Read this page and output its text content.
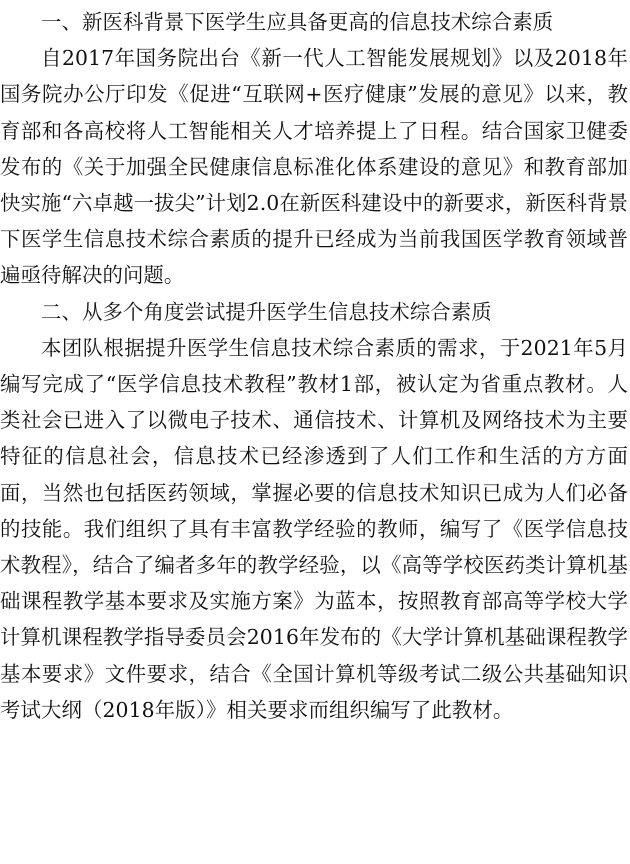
一、新医科背景下医学生应具备更高的信息技术综合素质

自2017年国务院出台《新一代人工智能发展规划》以及2018年国务院办公厅印发《促进“互联网+医疗健康”发展的意见》以来，教育部和各高校将人工智能相关人才培养提上了日程。结合国家卫健委发布的《关于加强全民健康信息标准化体系建设的意见》和教育部加快实施“六卓越一拔尖”计划2.0在新医科建设中的新要求，新医科背景下医学生信息技术综合素质的提升已经成为当前我国医学教育领域普遍亟待解决的问题。

二、从多个角度尝试提升医学生信息技术综合素质

本团队根据提升医学生信息技术综合素质的需求，于2021年5月编写完成了“医学信息技术教程”教材1部，被认定为省重点教材。人类社会已进入了以微电子技术、通信技术、计算机及网络技术为主要特征的信息社会，信息技术已经渗透到了人们工作和生活的方方面面，当然也包括医药领域，掌握必要的信息技术知识已成为人们必备的技能。我们组织了具有丰富教学经验的教师，编写了《医学信息技术教程》，结合了编者多年的教学经验，以《高等学校医药类计算机基础课程教学基本要求及实施方案》为蓝本，按照教育部高等学校大学计算机课程教学指导委员会2016年发布的《大学计算机基础课程教学基本要求》文件要求，结合《全国计算机等级考试二级公共基础知识考试大纲（2018年版）》相关要求而组织编写了此教材。
